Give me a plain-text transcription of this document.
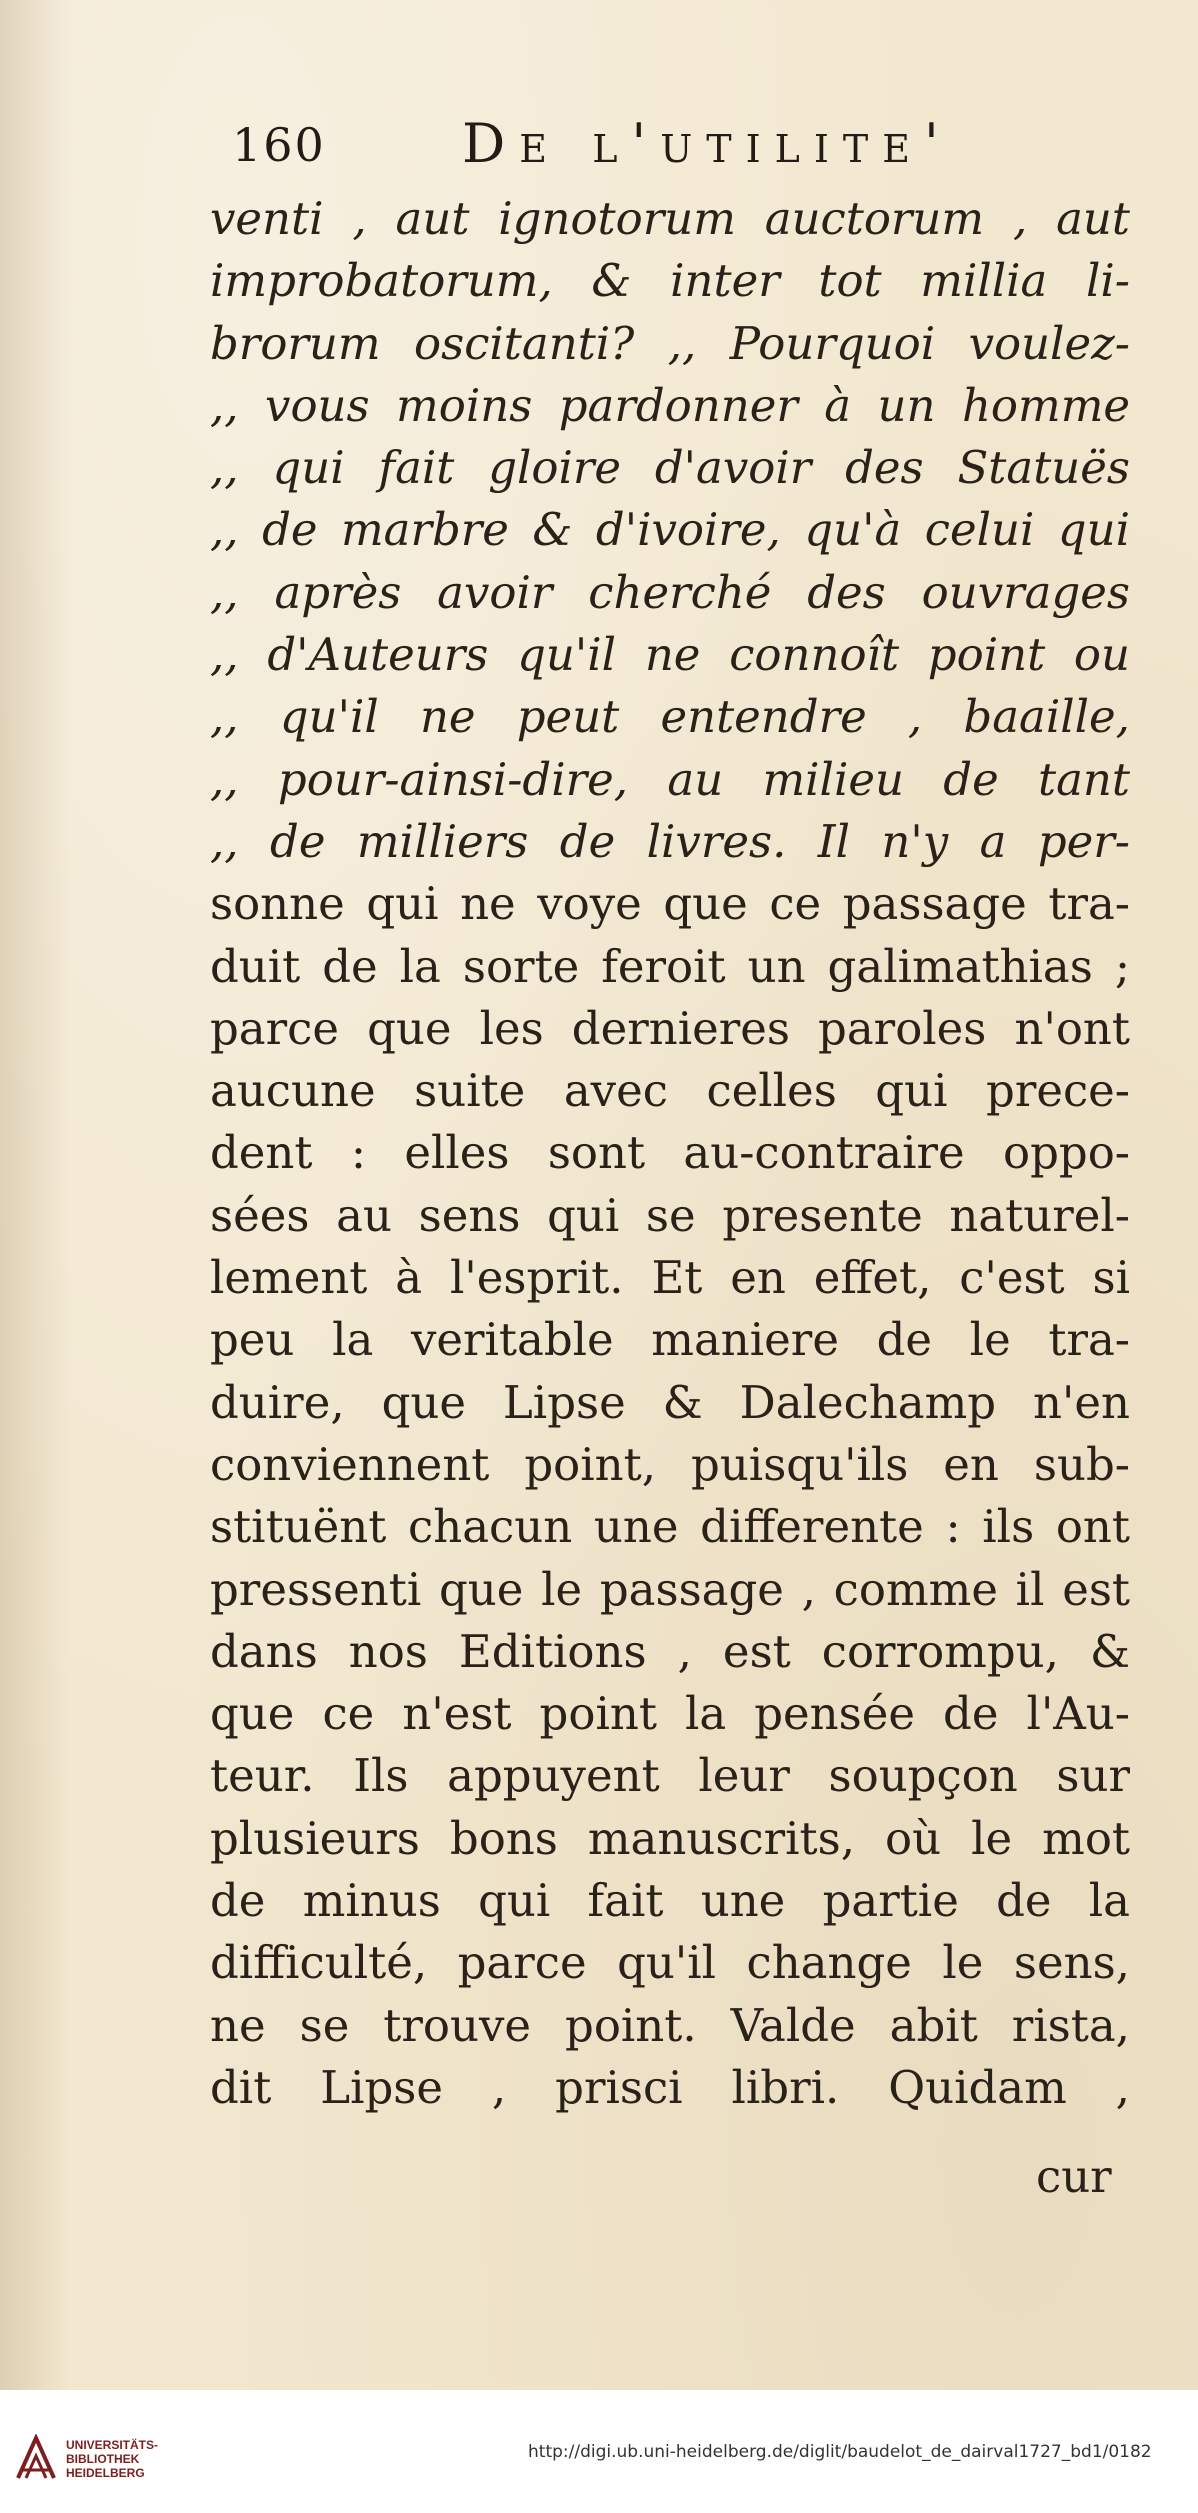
160	De l'utilite'
venti , aut ignotorum auctorum , aut
improbatorum, & inter tot millia li-
brorum oscitanti? ,, Pourquoi voulez-
,, vous moins pardonner à un homme
,, qui fait gloire d'avoir des Statuës
,, de marbre & d'ivoire, qu'à celui qui
,, après avoir cherché des ouvrages
,, d'Auteurs qu'il ne connoît point ou
,, qu'il ne peut entendre , baaille,
,, pour-ainsi-dire, au milieu de tant
,, de milliers de livres. Il n'y a per-
sonne qui ne voye que ce passage tra-
duit de la sorte feroit un galimathias ;
parce que les dernieres paroles n'ont
aucune suite avec celles qui prece-
dent : elles sont au-contraire oppo-
sées au sens qui se presente naturel-
lement à l'esprit. Et en effet, c'est si
peu la veritable maniere de le tra-
duire, que Lipse & Dalechamp n'en
conviennent point, puisqu'ils en sub-
stituënt chacun une differente : ils ont
pressenti que le passage , comme il est
dans nos Editions , est corrompu, &
que ce n'est point la pensée de l'Au-
teur. Ils appuyent leur soupçon sur
plusieurs bons manuscrits, où le mot
de minus qui fait une partie de la
difficulté, parce qu'il change le sens,
ne se trouve point. Valde abit rista,
dit Lipse , prisci libri. Quidam ,
cur
UNIVERSITÄTS-
BIBLIOTHEK
HEIDELBERG
http://digi.ub.uni-heidelberg.de/diglit/baudelot_de_dairval1727_bd1/0182
